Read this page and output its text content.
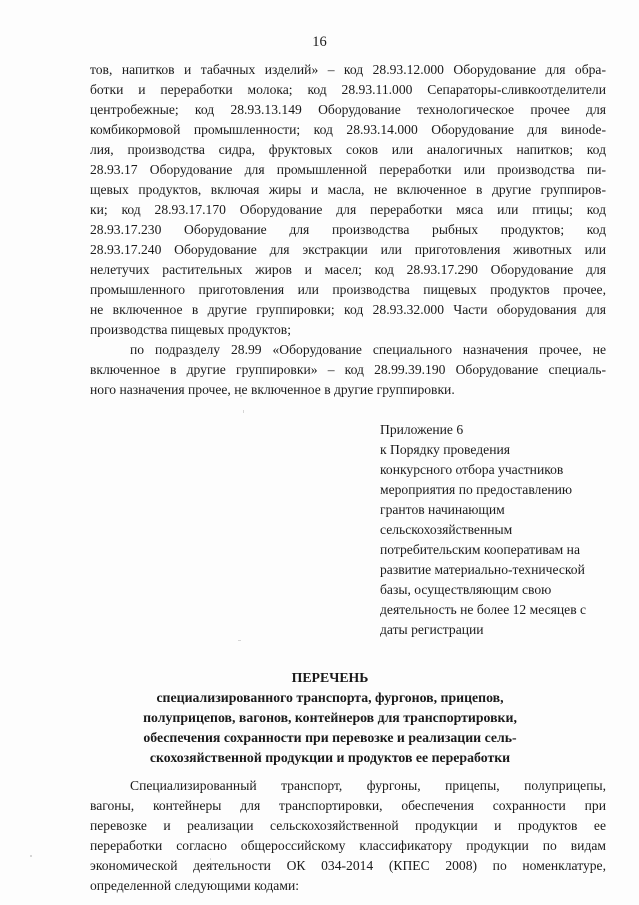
16
тов, напитков и табачных изделий» – код 28.93.12.000 Оборудование для обра-
ботки и переработки молока; код 28.93.11.000 Сепараторы-сливкоотделители
центробежные; код 28.93.13.149 Оборудование технологическое прочее для
комбикормовой промышленности; код 28.93.14.000 Оборудование для винode-
лия, производства сидра, фруктовых соков или аналогичных напитков; код
28.93.17 Оборудование для промышленной переработки или производства пи-
щевых продуктов, включая жиры и масла, не включенное в другие группиров-
ки; код 28.93.17.170 Оборудование для переработки мяса или птицы; код
28.93.17.230 Оборудование для производства рыбных продуктов; код
28.93.17.240 Оборудование для экстракции или приготовления животных или
нелетучих растительных жиров и масел; код 28.93.17.290 Оборудование для
промышленного приготовления или производства пищевых продуктов прочее,
не включенное в другие группировки; код 28.93.32.000 Части оборудования для
производства пищевых продуктов;
по подразделу 28.99 «Оборудование специального назначения прочее, не
включенное в другие группировки» – код 28.99.39.190 Оборудование специаль-
ного назначения прочее, не включенное в другие группировки.
Приложение 6
к Порядку проведения
конкурсного отбора участников
мероприятия по предоставлению
грантов начинающим
сельскохозяйственным
потребительским кооперативам на
развитие материально-технической
базы, осуществляющим свою
деятельность не более 12 месяцев с
даты регистрации
ПЕРЕЧЕНЬ
специализированного транспорта, фургонов, прицепов,
полуприцепов, вагонов, контейнеров для транспортировки,
обеспечения сохранности при перевозке и реализации сель-
скохозяйственной продукции и продуктов ее переработки
Специализированный транспорт, фургоны, прицепы, полуприцепы,
вагоны, контейнеры для транспортировки, обеспечения сохранности при
перевозке и реализации сельскохозяйственной продукции и продуктов ее
переработки согласно общероссийскому классификатору продукции по видам
экономической деятельности ОК 034-2014 (КПЕС 2008) по номенклатуре,
определенной следующими кодами:
